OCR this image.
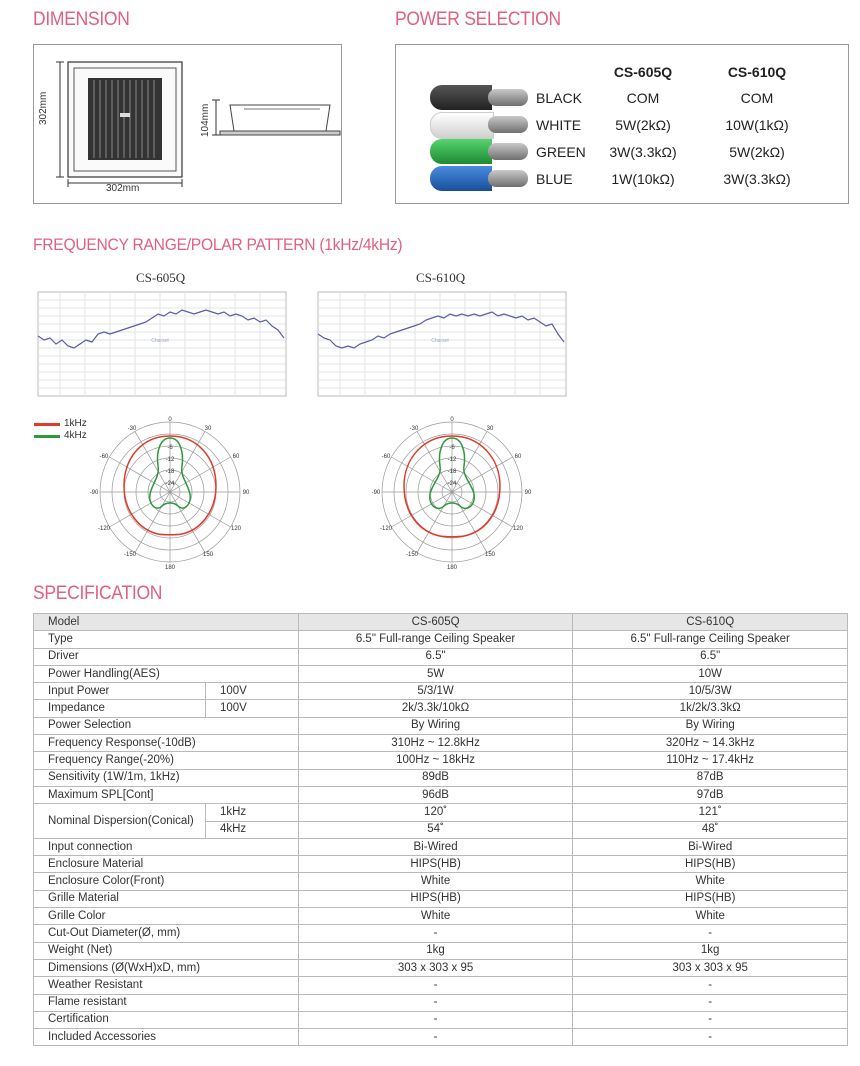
DIMENSION	POWER SELECTION
FREQUENCY RANGE/POLAR PATTERN (1kHz/4kHz)
SPECIFICATION
302mm
302mm
104mm
CS-605Q	CS-610Q
BLACK	COM	COM
WHITE	5W(2kΩ)	10W(1kΩ)
GREEN	3W(3.3kΩ)	5W(2kΩ)
BLUE	1W(10kΩ)	3W(3.3kΩ)
CS-605Q	CS-610Q
Charset	Charset
1kHz
4kHz
0
30
-30
60
-60
90
-90
120
-120
150
-150
180
-6
-12
-18
-24
0
30
-30
60
-60
90
-90
120
-120
150
-150
180
-6
-12
-18
-24
Model		CS-605Q	CS-610Q
Type		6.5" Full-range Ceiling Speaker	6.5" Full-range Ceiling Speaker
Driver		6.5"	6.5"
Power Handling(AES)		5W	10W
Input Power	100V	5/3/1W	10/5/3W
Impedance	100V	2k/3.3k/10kΩ	1k/2k/3.3kΩ
Power Selection		By Wiring	By Wiring
Frequency Response(-10dB)		310Hz ~ 12.8kHz	320Hz ~ 14.3kHz
Frequency Range(-20%)		100Hz ~ 18kHz	110Hz ~ 17.4kHz
Sensitivity (1W/1m, 1kHz)		89dB	87dB
Maximum SPL[Cont]		96dB	97dB
Nominal Dispersion(Conical)	1kHz	120˚	121˚
	4kHz	54˚	48˚
Input connection		Bi-Wired	Bi-Wired
Enclosure Material		HIPS(HB)	HIPS(HB)
Enclosure Color(Front)		White	White
Grille Material		HIPS(HB)	HIPS(HB)
Grille Color		White	White
Cut-Out Diameter(Ø, mm)		-	-
Weight (Net)		1kg	1kg
Dimensions (Ø(WxH)xD, mm)		303 x 303 x 95	303 x 303 x 95
Weather Resistant		-	-
Flame resistant		-	-
Certification		-	-
Included Accessories		-	-
